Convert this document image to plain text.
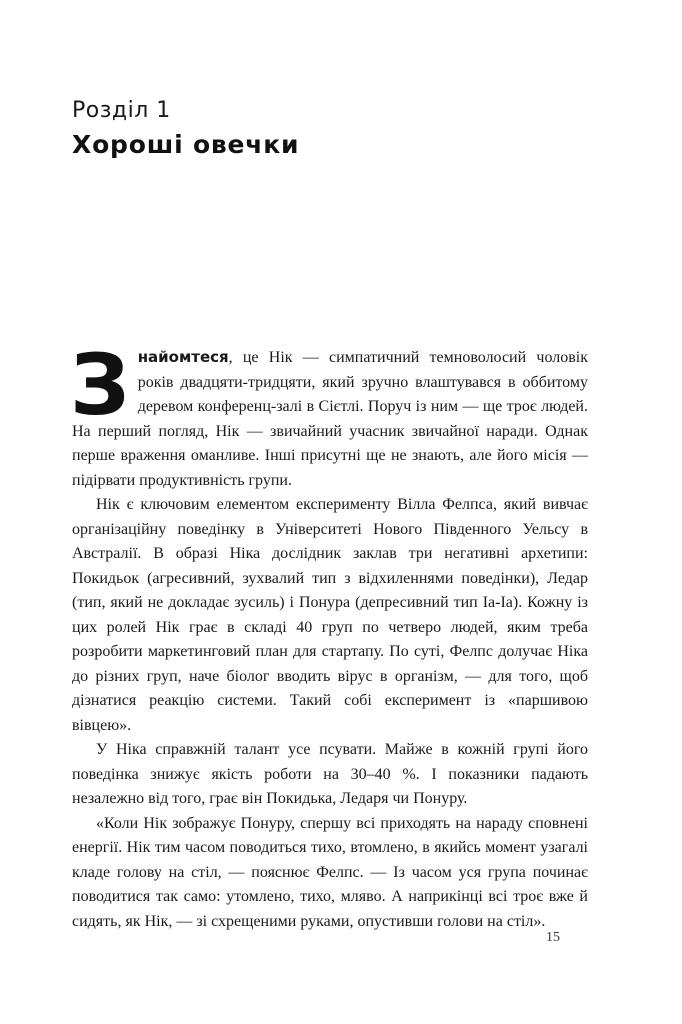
Розділ 1
Хороші овечки

Знайомтеся, це Нік — симпатичний темноволосий чоловік років двадцяти-тридцяти, який зручно влаштувався в оббитому деревом конференц-залі в Сієтлі. Поруч із ним — ще троє людей. На перший погляд, Нік — звичайний учасник звичайної наради. Однак перше враження оманливе. Інші присутні ще не знають, але його місія — підірвати продуктивність групи.

Нік є ключовим елементом експерименту Вілла Фелпса, який вивчає організаційну поведінку в Університеті Нового Південного Уельсу в Австралії. В образі Ніка дослідник заклав три негативні архетипи: Покидьок (агресивний, зухвалий тип з відхиленнями поведінки), Ледар (тип, який не докладає зусиль) і Понура (депресивний тип Іа-Іа). Кожну із цих ролей Нік грає в складі 40 груп по четверо людей, яким треба розробити маркетинговий план для стартапу. По суті, Фелпс долучає Ніка до різних груп, наче біолог вводить вірус в організм, — для того, щоб дізнатися реакцію системи. Такий собі експеримент із «паршивою вівцею».

У Ніка справжній талант усе псувати. Майже в кожній групі його поведінка знижує якість роботи на 30–40 %. І показники падають незалежно від того, грає він Покидька, Ледаря чи Понуру.

«Коли Нік зображує Понуру, спершу всі приходять на нараду сповнені енергії. Нік тим часом поводиться тихо, втомлено, в якийсь момент узагалі кладе голову на стіл, — пояснює Фелпс. — Із часом уся група починає поводитися так само: утомлено, тихо, мляво. А наприкінці всі троє вже й сидять, як Нік, — зі схрещеними руками, опустивши голови на стіл».

15
